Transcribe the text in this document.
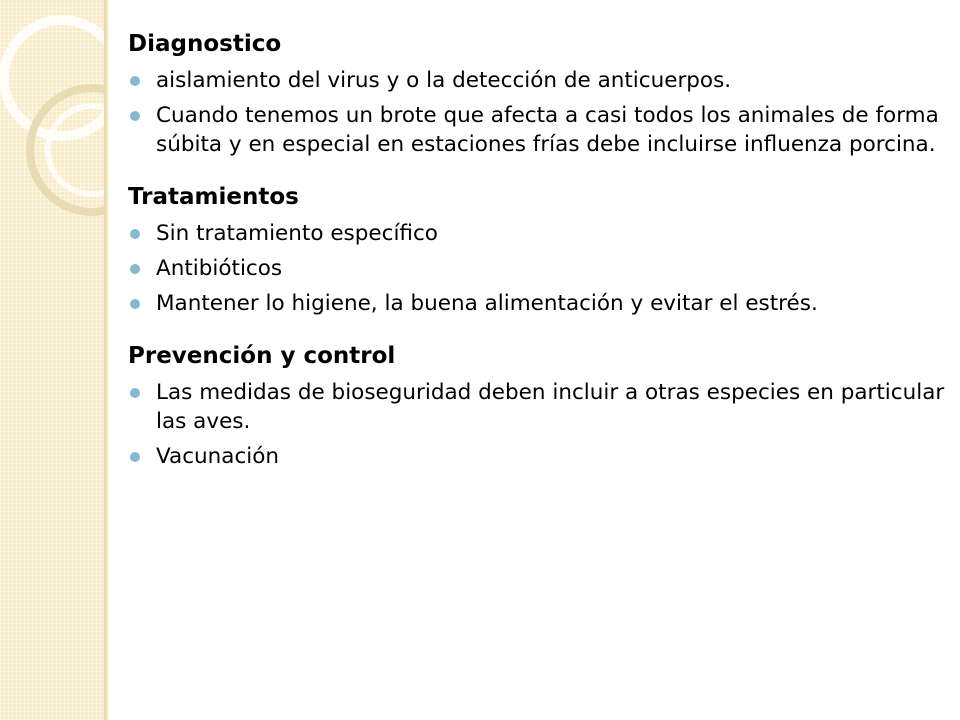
Diagnostico
aislamiento del virus y o la detección de anticuerpos.
Cuando tenemos un brote que afecta a casi todos los animales de forma súbita y en especial en estaciones frías debe incluirse influenza porcina.
Tratamientos
Sin tratamiento específico
Antibióticos
Mantener lo higiene, la buena alimentación y evitar el estrés.
Prevención y control
Las medidas de bioseguridad deben incluir a otras especies en particular las aves.
Vacunación
